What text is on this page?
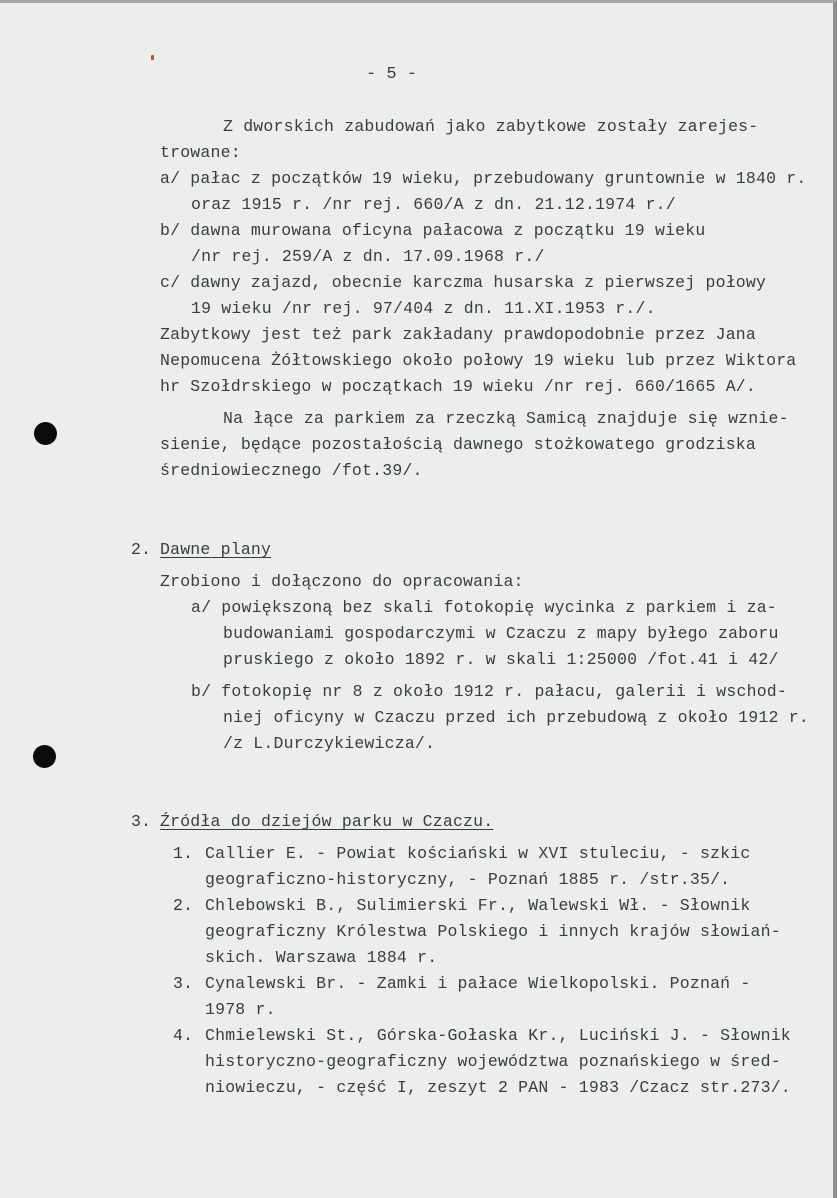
- 5 -
Z dworskich zabudowań jako zabytkowe zostały zarejes-
trowane:
a/ pałac z początków 19 wieku, przebudowany gruntownie w 1840 r.
oraz 1915 r. /nr rej. 660/A z dn. 21.12.1974 r./
b/ dawna murowana oficyna pałacowa z początku 19 wieku
/nr rej. 259/A z dn. 17.09.1968 r./
c/ dawny zajazd, obecnie karczma husarska z pierwszej połowy
19 wieku /nr rej. 97/404 z dn. 11.XI.1953 r./.
Zabytkowy jest też park zakładany prawdopodobnie przez Jana
Nepomucena Żółtowskiego około połowy 19 wieku lub przez Wiktora
hr Szołdrskiego w początkach 19 wieku /nr rej. 660/1665 A/.
Na łące za parkiem za rzeczką Samicą znajduje się wznie-
sienie, będące pozostałością dawnego stożkowatego grodziska
średniowiecznego /fot.39/.
2. Dawne plany
Zrobiono i dołączono do opracowania:
a/ powiększoną bez skali fotokopię wycinka z parkiem i za-
budowaniami gospodarczymi w Czaczu z mapy byłego zaboru
pruskiego z około 1892 r. w skali 1:25000 /fot.41 i 42/
b/ fotokopię nr 8 z około 1912 r. pałacu, galerii i wschod-
niej oficyny w Czaczu przed ich przebudową z około 1912 r.
/z L.Durczykiewicza/.
3. Źródła do dziejów parku w Czaczu.
1. Callier E. - Powiat kościański w XVI stuleciu, - szkic
geograficzno-historyczny, - Poznań 1885 r. /str.35/.
2. Chlebowski B., Sulimierski Fr., Walewski Wł. - Słownik
geograficzny Królestwa Polskiego i innych krajów słowiań-
skich. Warszawa 1884 r.
3. Cynalewski Br. - Zamki i pałace Wielkopolski. Poznań -
1978 r.
4. Chmielewski St., Górska-Gołaska Kr., Luciński J. - Słownik
historyczno-geograficzny województwa poznańskiego w śred-
niowieczu, - część I, zeszyt 2 PAN - 1983 /Czacz str.273/.
